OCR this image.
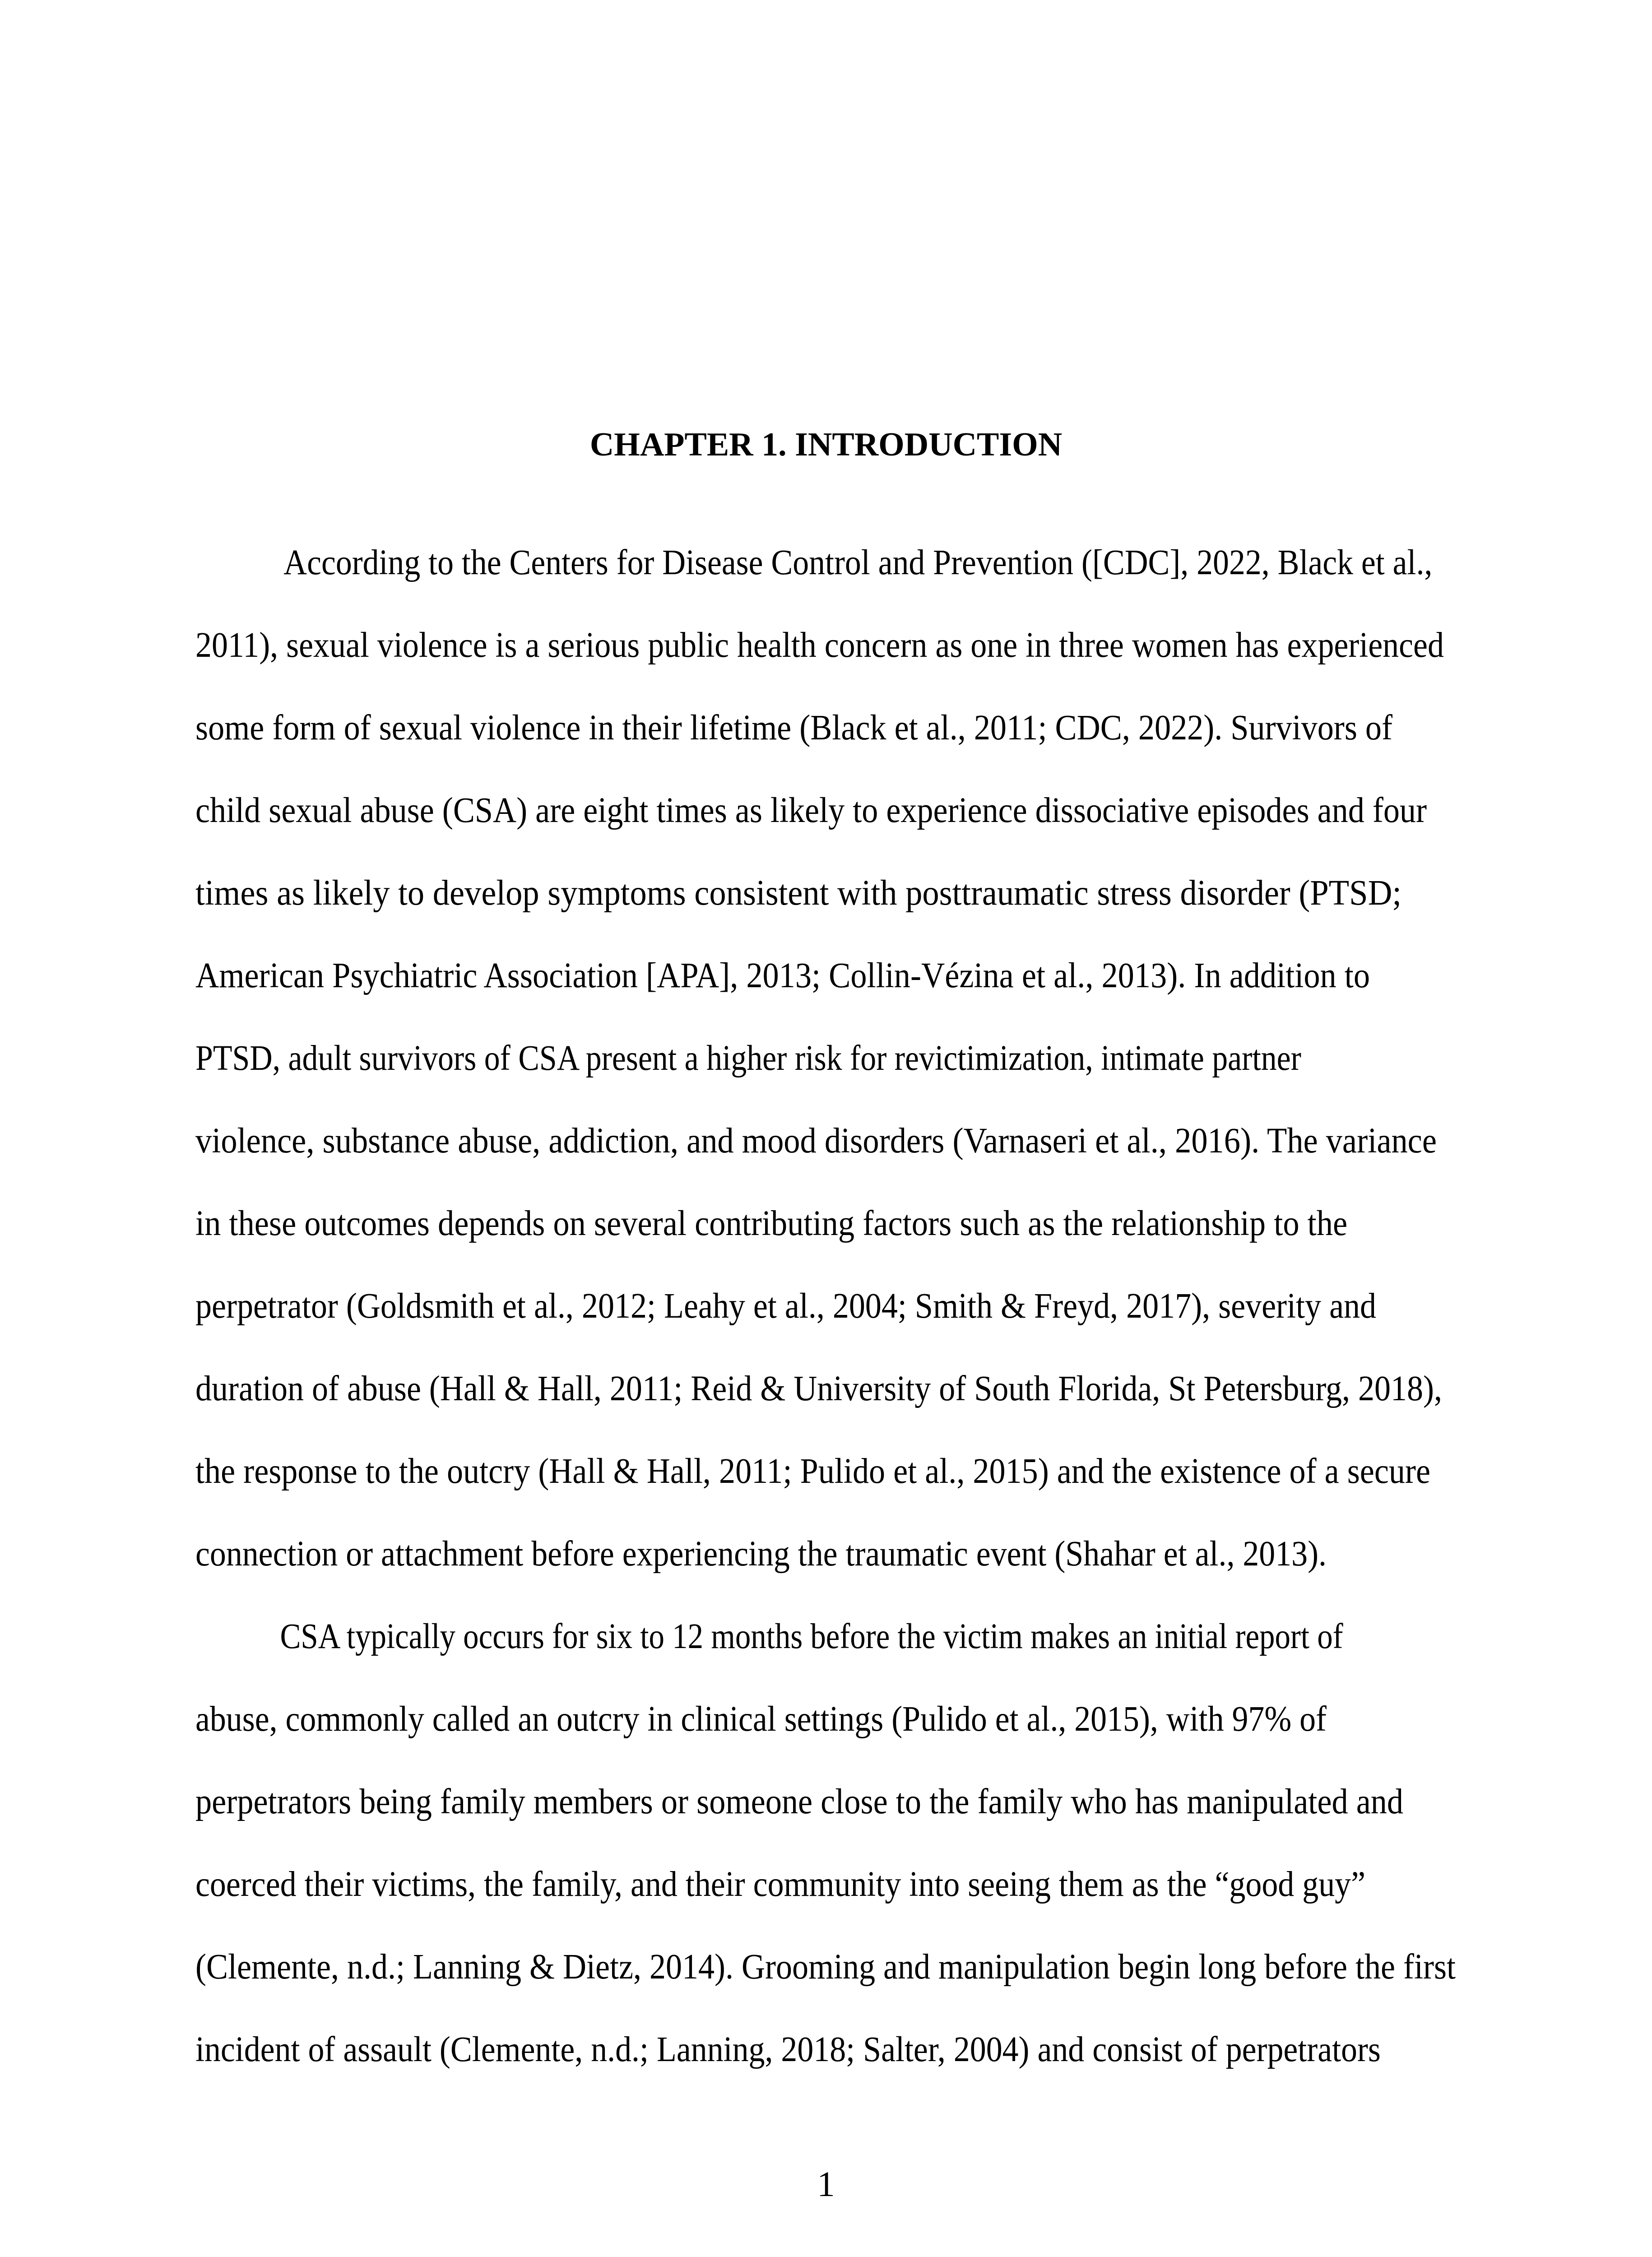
CHAPTER 1. INTRODUCTION
According to the Centers for Disease Control and Prevention ([CDC], 2022, Black et al.,
2011), sexual violence is a serious public health concern as one in three women has experienced
some form of sexual violence in their lifetime (Black et al., 2011; CDC, 2022). Survivors of
child sexual abuse (CSA) are eight times as likely to experience dissociative episodes and four
times as likely to develop symptoms consistent with posttraumatic stress disorder (PTSD;
American Psychiatric Association [APA], 2013; Collin-Vézina et al., 2013). In addition to
PTSD, adult survivors of CSA present a higher risk for revictimization, intimate partner
violence, substance abuse, addiction, and mood disorders (Varnaseri et al., 2016). The variance
in these outcomes depends on several contributing factors such as the relationship to the
perpetrator (Goldsmith et al., 2012; Leahy et al., 2004; Smith & Freyd, 2017), severity and
duration of abuse (Hall & Hall, 2011; Reid & University of South Florida, St Petersburg, 2018),
the response to the outcry (Hall & Hall, 2011; Pulido et al., 2015) and the existence of a secure
connection or attachment before experiencing the traumatic event (Shahar et al., 2013).
CSA typically occurs for six to 12 months before the victim makes an initial report of
abuse, commonly called an outcry in clinical settings (Pulido et al., 2015), with 97% of
perpetrators being family members or someone close to the family who has manipulated and
coerced their victims, the family, and their community into seeing them as the “good guy”
(Clemente, n.d.; Lanning & Dietz, 2014). Grooming and manipulation begin long before the first
incident of assault (Clemente, n.d.; Lanning, 2018; Salter, 2004) and consist of perpetrators
1
